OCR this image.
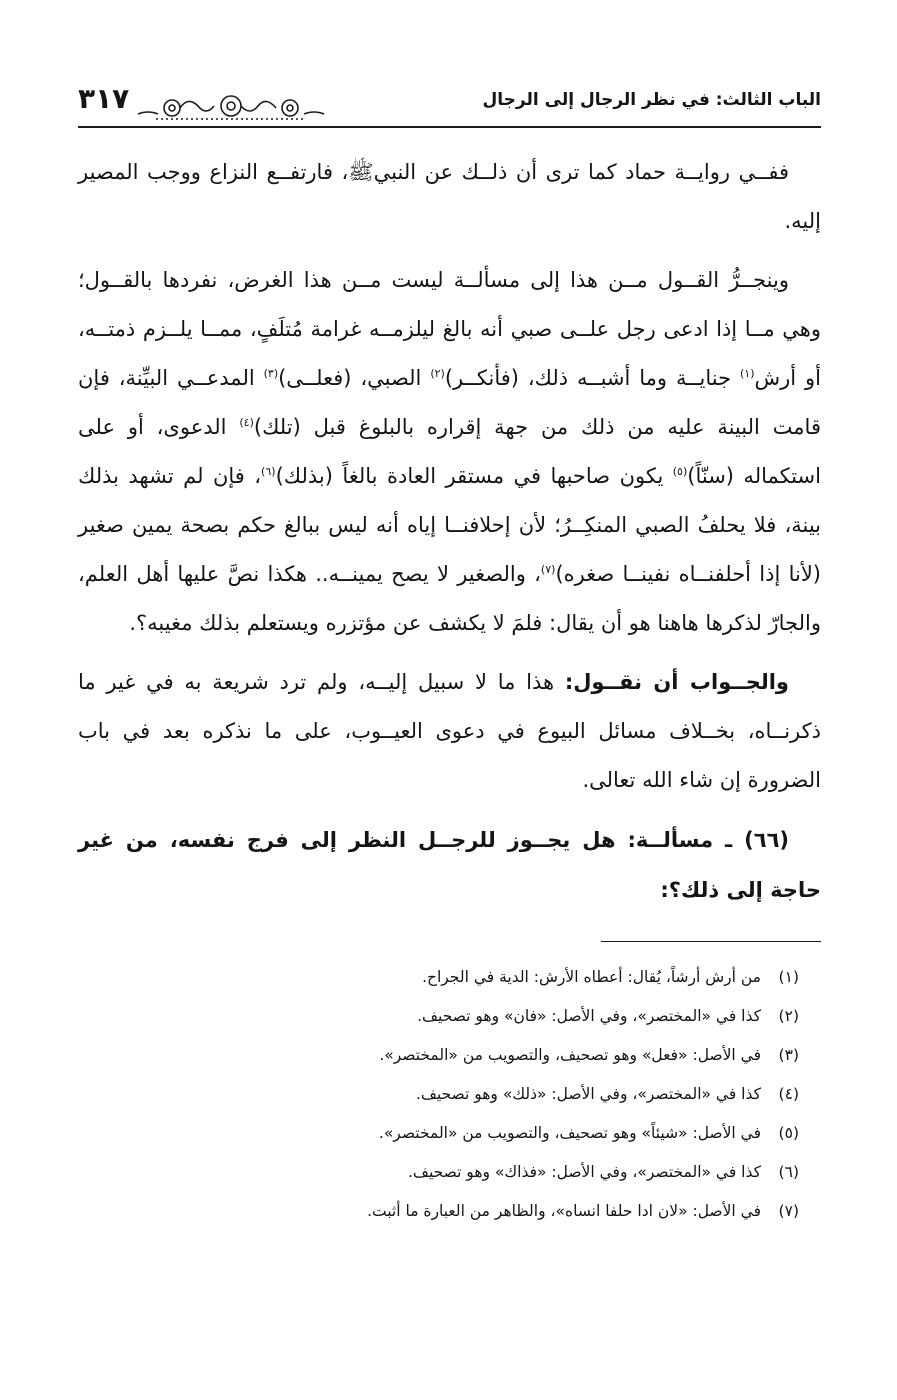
الباب الثالث: في نظر الرجال إلى الرجال
٣١٧

ففــي روايــة حماد كما ترى أن ذلــك عن النبيﷺ، فارتفــع النزاع ووجب المصير إليه.

وينجــرُّ القــول مــن هذا إلى مسألــة ليست مــن هذا الغرض، نفردها بالقــول؛ وهي مــا إذا ادعى رجل علــى صبي أنه بالغ ليلزمــه غرامة مُتلَفٍ، ممــا يلــزم ذمتــه، أو أرش$^{(١)}$ جنايــة وما أشبــه ذلك، (فأنكــر)$^{(٢)}$ الصبي، (فعلــى)$^{(٣)}$ المدعــي البيِّنة، فإن قامت البينة عليه من ذلك من جهة إقراره بالبلوغ قبل (تلك)$^{(٤)}$ الدعوى، أو على استكماله (سنّاً)$^{(٥)}$ يكون صاحبها في مستقر العادة بالغاً (بذلك)$^{(٦)}$، فإن لم تشهد بذلك بينة، فلا يحلفُ الصبي المنكِــرُ؛ لأن إحلافنــا إياه أنه ليس ببالغ حكم بصحة يمين صغير (لأنا إذا أحلفنــاه نفينــا صغره)$^{(٧)}$، والصغير لا يصح يمينــه.. هكذا نصَّ عليها أهل العلم، والجارّ لذكرها هاهنا هو أن يقال: فلمَ لا يكشف عن مؤتزره ويستعلم بذلك مغيبه؟.

والجــواب أن نقــول: هذا ما لا سبيل إليــه، ولم ترد شريعة به في غير ما ذكرنــاه، بخــلاف مسائل البيوع في دعوى العيــوب، على ما نذكره بعد في باب الضرورة إن شاء الله تعالى.

(٦٦) ـ مسألــة: هل يجــوز للرجــل النظر إلى فرج نفسه، من غير حاجة إلى ذلك؟:

(١)
من أرش أرشاً، يُقال: أعطاه الأرش: الدية في الجراح.
(٢)
كذا في «المختصر»، وفي الأصل: «فان» وهو تصحيف.
(٣)
في الأصل: «فعل» وهو تصحيف، والتصويب من «المختصر».
(٤)
كذا في «المختصر»، وفي الأصل: «ذلك» وهو تصحيف.
(٥)
في الأصل: «شيئاً» وهو تصحيف، والتصويب من «المختصر».
(٦)
كذا في «المختصر»، وفي الأصل: «فذاك» وهو تصحيف.
(٧)
في الأصل: «لان ادا حلفا انساه»، والظاهر من العبارة ما أثبت.
